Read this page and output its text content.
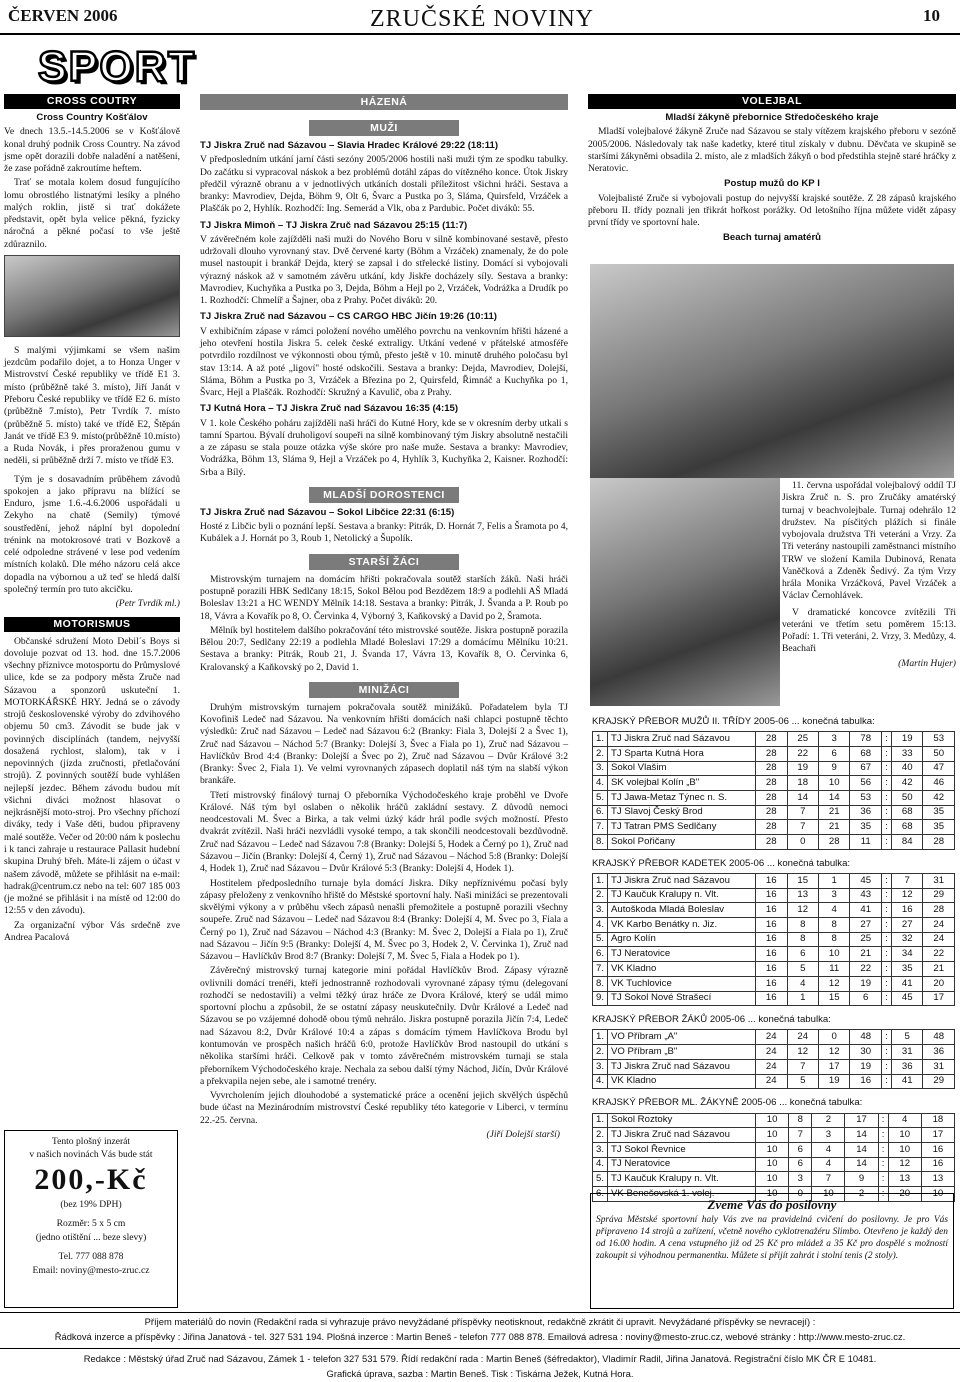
ČERVEN 2006	ZRUČSKÉ NOVINY	10
SPORT
CROSS COUTRY
Cross Country Košťálov

Ve dnech 13.5.-14.5.2006 se v Košťálově konal druhý podnik Cross Country. Na závod jsme opět dorazili dobře naladění a natěšeni, že zase pořádně zakroutíme heftem.

Trať se motala kolem dosud fungujícího lomu obrostlého listnatými lesíky a plného malých roklin, jistě si trať dokážete představit, opět byla velice pěkná, fyzicky náročná a pěkné počasí to vše ještě zdůraznilo.

S malými výjimkami se všem našim jezdcům podařilo dojet, a to Honza Unger v Mistrovství České republiky ve třídě E1 3. místo (průběžně také 3. místo), Jiří Janát v Přeboru České republiky ve třídě E2 6. místo (průběžně 7.místo), Petr Tvrdík 7. místo (průběžně 5. místo) také ve třídě E2, Štěpán Janát ve třídě E3 9. místo(průběžně 10.místo) a Ruda Novák, i přes proraženou gumu v neděli, si průběžně drží 7. místo ve třídě E3.

Tým je s dosavadním průběhem závodů spokojen a jako přípravu na blížící se Enduro, jsme 1.6.-4.6.2006 uspořádali u Zekyho na chatě (Semily) týmové soustředění, jehož náplní byl dopolední trénink na motokrosové trati v Bozkově a celé odpoledne strávené v lese pod vedením místních kolaků. Dle mého názoru celá akce dopadla na výbornou a už teď se hledá další společný termín pro tuto akcičku.

(Petr Tvrdík ml.)

MOTORISMUS

Občanské sdružení Moto Debil´s Boys si dovoluje pozvat od 13. hod. dne 15.7.2006 všechny příznivce motosportu do Průmyslové ulice, kde se za podpory města Zruče nad Sázavou a sponzorů uskuteční 1. MOTORKÁŘSKÉ HRY. Jedná se o závody strojů československé výroby do zdvihového objemu 50 cm3. Závodit se bude jak v povinných disciplínách (tandem, nejvyšší dosažená rychlost, slalom), tak v i nepovinných (jízda zručnosti, přetlačování strojů). Z povinných soutěží bude vyhlášen nejlepší jezdec. Během závodu budou mít všichni diváci možnost hlasovat o nejkrásnější moto-stroj. Pro všechny příchozí diváky, tedy i Vaše děti, budou připraveny malé soutěže. Večer od 20:00 nám k poslechu i k tanci zahraje u restaurace Pallasit hudební skupina Druhý břeh. Máte-li zájem o účast v našem závodě, můžete se přihlásit na e-mail: hadrak@centrum.cz nebo na tel: 607 185 003 (je možné se přihlásit i na místě od 12:00 do 12:55 v den závodu).

Za organizační výbor Vás srdečně zve Andrea Pacalová

Tento plošný inzerát
v našich novinách Vás bude stát
200,-Kč
(bez 19% DPH)
Rozměr: 5 x 5 cm
(jedno otištění ... beze slevy)
Tel. 777 088 878
Email: noviny@mesto-zruc.cz
HÁZENÁ
MUŽI
TJ Jiskra Zruč nad Sázavou – Slavia Hradec Králové 29:22 (18:11)

V předposledním utkání jarní části sezóny 2005/2006 hostili naši muži tým ze spodku tabulky. Do začátku si vypracoval náskok a bez problémů dotáhl zápas do vítězného konce. Útok Jiskry předčil výrazně obranu a v jednotlivých utkáních dostali příležitost všichni hráči. Sestava a branky: Mavrodiev, Dejda, Böhm 9, Olt 6, Švarc a Pustka po 3, Sláma, Quirsfeld, Vrzáček a Plaščák po 2, Hyhlík. Rozhodčí: Ing. Semerád a Vlk, oba z Pardubic. Počet diváků: 55.

TJ Jiskra Mimoň – TJ Jiskra Zruč nad Sázavou 25:15 (11:7)

V závěrečném kole zajížděli naši muži do Nového Boru v silně kombinované sestavě, přesto udržovali dlouho vyrovnaný stav. Dvě červené karty (Böhm a Vrzáček) znamenaly, že do pole musel nastoupit i brankář Dejda, který se zapsal i do střelecké listiny. Domácí si vybojovali výrazný náskok až v samotném závěru utkání, kdy Jiskře docházely síly. Sestava a branky: Mavrodiev, Kuchyňka a Pustka po 3, Dejda, Böhm a Hejl po 2, Vrzáček, Vodrážka a Drudík po 1. Rozhodčí: Chmelíř a Šajner, oba z Prahy. Počet diváků: 20.

TJ Jiskra Zruč nad Sázavou – CS CARGO HBC Jičín 19:26 (10:11)

V exhibičním zápase v rámci položení nového umělého povrchu na venkovním hřišti házené a jeho otevření hostila Jiskra 5. celek české extraligy. Utkání vedené v přátelské atmosféře potvrdilo rozdílnost ve výkonnosti obou týmů, přesto ještě v 10. minutě druhého poločasu byl stav 13:14. A až poté „ligoví" hosté odskočili. Sestava a branky: Dejda, Mavrodiev, Dolejší, Sláma, Böhm a Pustka po 3, Vrzáček a Březina po 2, Quirsfeld, Řimnáč a Kuchyňka po 1, Švarc, Hejl a Plaščák. Rozhodčí: Skružný a Kavulič, oba z Prahy.

TJ Kutná Hora – TJ Jiskra Zruč nad Sázavou 16:35 (4:15)

V 1. kole Českého poháru zajížděli naši hráči do Kutné Hory, kde se v okresním derby utkali s tamní Spartou. Bývalí druholigoví soupeři na silně kombinovaný tým Jiskry absolutně nestačili a ze zápasu se stala pouze otázka výše skóre pro naše muže. Sestava a branky: Mavrodiev, Vodrážka, Böhm 13, Sláma 9, Hejl a Vrzáček po 4, Hyhlík 3, Kuchyňka 2, Kaisner. Rozhodčí: Srba a Bílý.

MLADŠÍ DOROSTENCI
TJ Jiskra Zruč nad Sázavou – Sokol Libčice 22:31 (6:15)

Hosté z Libčic byli o poznání lepší. Sestava a branky: Pitrák, D. Hornát 7, Felis a Šramota po 4, Kubálek a J. Hornát po 3, Roub 1, Netolický a Šupolík.

STARŠÍ ŽÁCI

Mistrovským turnajem na domácím hřišti pokračovala soutěž starších žáků. Naši hráči postupně porazili HBK Sedlčany 18:15, Sokol Bělou pod Bezdězem 18:9 a podlehli AŠ Mladá Boleslav 13:21 a HC WENDY Mělník 14:18. Sestava a branky: Pitrák, J. Švanda a P. Roub po 18, Vávra a Kovařík po 8, O. Červinka 4, Výborný 3, Kaňkovský a David po 2, Šramota.

Mělník byl hostitelem dalšího pokračování této mistrovské soutěže. Jiskra postupně porazila Bělou 20:7, Sedlčany 22:19 a podlehla Mladé Boleslavi 17:29 a domácímu Mělníku 10:21. Sestava a branky: Pitrák, Roub 21, J. Švanda 17, Vávra 13, Kovařík 8, O. Červinka 6, Kralovanský a Kaňkovský po 2, David 1.

MINIŽÁCI

Druhým mistrovským turnajem pokračovala soutěž minižáků. Pořadatelem byla TJ Kovofiniš Ledeč nad Sázavou. Na venkovním hřišti domácích naši chlapci postupně těchto výsledků: Zruč nad Sázavou – Ledeč nad Sázavou 6:2 (Branky: Fiala 3, Dolejší 2 a Švec 1), Zruč nad Sázavou – Náchod 5:7 (Branky: Dolejší 3, Švec a Fiala po 1), Zruč nad Sázavou – Havlíčkův Brod 4:4 (Branky: Dolejší a Švec po 2), Zruč nad Sázavou – Dvůr Králové 3:2 (Branky: Švec 2, Fiala 1). Ve velmi vyrovnaných zápasech doplatil náš tým na slabší výkon brankáře.

Třetí mistrovský finálový turnaj O přeborníka Východočeského kraje proběhl ve Dvoře Králové. Náš tým byl oslaben o několik hráčů zakládní sestavy. Z důvodů nemoci neodcestovali M. Švec a Birka, a tak velmi úzký kádr hrál podle svých možností. Přesto dvakrát zvítězil. Naši hráči nezvládli vysoké tempo, a tak skončili neodcestovali bezdůvodně. Zruč nad Sázavou – Ledeč nad Sázavou 7:8 (Branky: Dolejší 5, Hodek a Černý po 1), Zruč nad Sázavou – Jičín (Branky: Dolejší 4, Černý 1), Zruč nad Sázavou – Náchod 5:8 (Branky: Dolejší 4, Hodek 1), Zruč nad Sázavou – Dvůr Králové 5:3 (Branky: Dolejší 4, Hodek 1).

Hostitelem předposledního turnaje byla domácí Jiskra. Díky nepříznivému počasí byly zápasy přeloženy z venkovního hřiště do Městské sportovní haly. Naši minižáci se prezentovali skvělými výkony a v průběhu všech zápasů nenašli přemožitele a postupně porazili všechny soupeře. Zruč nad Sázavou – Ledeč nad Sázavou 8:4 (Branky: Dolejší 4, M. Švec po 3, Fiala a Černý po 1), Zruč nad Sázavou – Náchod 4:3 (Branky: M. Švec 2, Dolejší a Fiala po 1), Zruč nad Sázavou – Jičín 9:5 (Branky: Dolejší 4, M. Švec po 3, Hodek 2, V. Červinka 1), Zruč nad Sázavou – Havlíčkův Brod 8:7 (Branky: Dolejší 7, M. Švec 5, Fiala a Hodek po 1).

Závěrečný mistrovský turnaj kategorie mini pořádal Havlíčkův Brod. Zápasy výrazně ovlivnili domácí trenéři, kteří jednostranně rozhodovali vyrovnané zápasy týmu (delegovaní rozhodčí se nedostavili) a velmi těžký úraz hráče ze Dvora Králové, který se udál mimo sportovní plochu a způsobil, že se ostatní zápasy neuskutečnily. Dvůr Králové a Ledeč nad Sázavou se po vzájemné dohodě obou týmů nehrálo. Jiskra postupně porazila Jičín 7:4, Ledeč nad Sázavou 8:2, Dvůr Králové 10:4 a zápas s domácím týmem Havlíčkova Brodu byl kontumován ve prospěch našich hráčů 6:0, protože Havlíčkův Brod nastoupil do utkání s několika staršími hráči. Celkově pak v tomto závěrečném mistrovském turnaji se stala přeborníkem Východočeského kraje. Nechala za sebou další týmy Náchod, Jičín, Dvůr Králové a překvapila nejen sebe, ale i samotné trenéry.

Vyvrcholením jejich dlouhodobé a systematické práce a ocenění jejich skvělých úspěchů bude účast na Mezinárodním mistrovství České republiky této kategorie v Liberci, v termínu 22.-25. června.

(Jiří Dolejší starší)

VOLEJBAL
Mladší žákyně přebornice Středočeského kraje

Mladší volejbalové žákyně Zruče nad Sázavou se staly vítězem krajského přeboru v sezóně 2005/2006. Následovaly tak naše kadetky, které titul získaly v dubnu. Děvčata ve skupině se staršími žákyněmi obsadila 2. místo, ale z mladších žákyň o bod předstihla stejně staré hráčky z Neratovic.

Postup mužů do KP I

Volejbalisté Zruče si vybojovali postup do nejvyšší krajské soutěže. Z 28 zápasů krajského přeboru II. třídy poznali jen třikrát hořkost porážky. Od letošního října můžete vidět zápasy první třídy ve sportovní hale.

Beach turnaj amatérů

11. června uspořádal volejbalový oddíl TJ Jiskra Zruč n. S. pro Zručáky amatérský turnaj v beachvolejbale. Turnaj odehrálo 12 družstev. Na písčitých plážích si finále vybojovala družstva Tři veteráni a Vrzy. Za Tři veterány nastoupili zaměstnanci místního TRW ve složení Kamila Dubinová, Renata Vaněčková a Zdeněk Šedivý. Za tým Vrzy hrála Monika Vrzáčková, Pavel Vrzáček a Václav Černohlávek.

V dramatické koncovce zvítězili Tři veteráni ve třetím setu poměrem 15:13. Pořadí: 1. Tři veteráni, 2. Vrzy, 3. Medůzy, 4. Beachaři

(Martin Hujer)

KRAJSKÝ PŘEBOR MUŽŮ II. TŘÍDY 2005-06 ... konečná tabulka:
1.	TJ Jiskra Zruč nad Sázavou	28	25	3	78	:	19	53
2.	TJ Sparta Kutná Hora	28	22	6	68	:	33	50
3.	Sokol Vlašim	28	19	9	67	:	40	47
4.	SK volejbal Kolín „B"	28	18	10	56	:	42	46
5.	TJ Jawa-Metaz Týnec n. S.	28	14	14	53	:	50	42
6.	TJ Slavoj Český Brod	28	7	21	36	:	68	35
7.	TJ Tatran PMS Sedlčany	28	7	21	35	:	68	35
8.	Sokol Pořičany	28	0	28	11	:	84	28
KRAJSKÝ PŘEBOR KADETEK 2005-06 ... konečná tabulka:
1.	TJ Jiskra Zruč nad Sázavou	16	15	1	45	:	7	31
2.	TJ Kaučuk Kralupy n. Vlt.	16	13	3	43	:	12	29
3.	Autoškoda Mladá Boleslav	16	12	4	41	:	16	28
4.	VK Karbo Benátky n. Jiz.	16	8	8	27	:	27	24
5.	Agro Kolín	16	8	8	25	:	32	24
6.	TJ Neratovice	16	6	10	21	:	34	22
7.	VK Kladno	16	5	11	22	:	35	21
8.	VK Tuchlovice	16	4	12	19	:	41	20
9.	TJ Sokol Nové Strašecí	16	1	15	6	:	45	17
KRAJSKÝ PŘEBOR ŽÁKŮ 2005-06 ... konečná tabulka:
1.	VO Příbram „A"	24	24	0	48	:	5	48
2.	VO Příbram „B"	24	12	12	30	:	31	36
3.	TJ Jiskra Zruč nad Sázavou	24	7	17	19	:	36	31
4.	VK Kladno	24	5	19	16	:	41	29
KRAJSKÝ PŘEBOR ML. ŽÁKYNĚ 2005-06 ... konečná tabulka:
1.	Sokol Roztoky	10	8	2	17	:	4	18
2.	TJ Jiskra Zruč nad Sázavou	10	7	3	14	:	10	17
3.	TJ Sokol Řevnice	10	6	4	14	:	10	16
4.	TJ Neratovice	10	6	4	14	:	12	16
5.	TJ Kaučuk Kralupy n. Vlt.	10	3	7	9	:	13	13
6.	VK Benešovská 1. volej.	10	0	10	2	:	20	10
Zveme Vás do posilovny

Správa Městské sportovní haly Vás zve na pravidelná cvičení do posilovny. Je pro Vás připraveno 14 strojů a zařízení, včetně nového cyklotrenažéru Slimbo. Otevřeno je každý den od 16.00 hodin. A cena vstupného již od 25 Kč pro mládež a 35 Kč pro dospělé s možností zakoupit si výhodnou permanentku. Můžete si přijít zahrát i stolní tenis (2 stoly).

Příjem materiálů do novin (Redakční rada si vyhrazuje právo nevyžádané příspěvky neotisknout, redakčně zkrátit či upravit. Nevyžádané příspěvky se nevracejí) :
Řádková inzerce a příspěvky : Jiřina Janatová - tel. 327 531 194. Plošná inzerce : Martin Beneš - telefon 777 088 878. Emailová adresa : noviny@mesto-zruc.cz, webové stránky : http://www.mesto-zruc.cz.
Redakce : Městský úřad Zruč nad Sázavou, Zámek 1 - telefon 327 531 579. Řídí redakční rada : Martin Beneš (šéfredaktor), Vladimír Radil, Jiřina Janatová. Registrační číslo MK ČR E 10481.
Grafická úprava, sazba : Martin Beneš. Tisk : Tiskárna Ježek, Kutná Hora.
